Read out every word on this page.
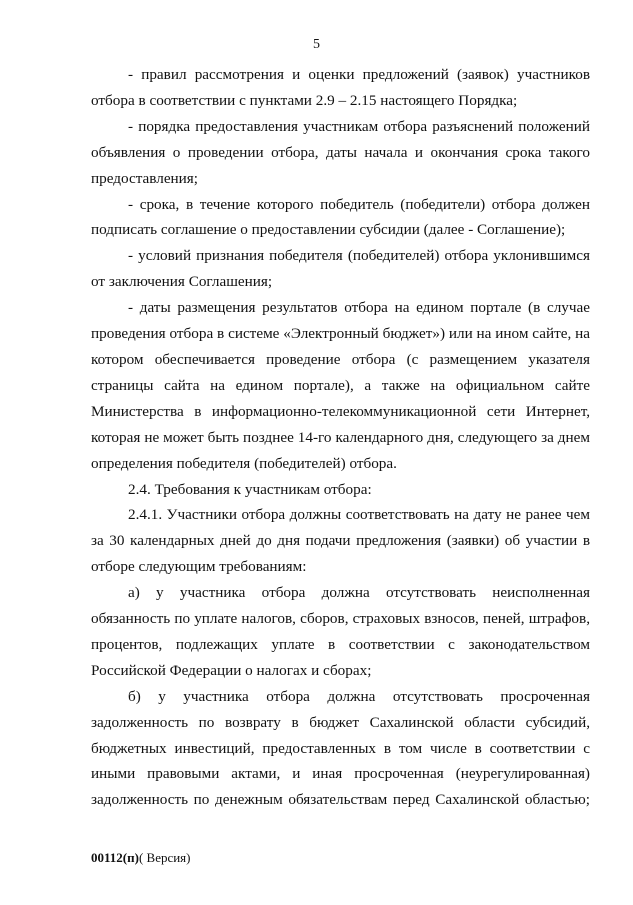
5

- правил рассмотрения и оценки предложений (заявок) участников отбора в соответствии с пунктами 2.9 – 2.15 настоящего Порядка;

- порядка предоставления участникам отбора разъяснений положений объявления о проведении отбора, даты начала и окончания срока такого предоставления;

- срока, в течение которого победитель (победители) отбора должен подписать соглашение о предоставлении субсидии (далее - Соглашение);

- условий признания победителя (победителей) отбора уклонившимся от заключения Соглашения;

- даты размещения результатов отбора на едином портале (в случае проведения отбора в системе «Электронный бюджет») или на ином сайте, на котором обеспечивается проведение отбора (с размещением указателя страницы сайта на едином портале), а также на официальном сайте Министерства в информационно-телекоммуникационной сети Интернет, которая не может быть позднее 14-го календарного дня, следующего за днем определения победителя (победителей) отбора.

2.4. Требования к участникам отбора:

2.4.1. Участники отбора должны соответствовать на дату не ранее чем за 30 календарных дней до дня подачи предложения (заявки) об участии в отборе следующим требованиям:

а) у участника отбора должна отсутствовать неисполненная обязанность по уплате налогов, сборов, страховых взносов, пеней, штрафов, процентов, подлежащих уплате в соответствии с законодательством Российской Федерации о налогах и сборах;

б) у участника отбора должна отсутствовать просроченная задолженность по возврату в бюджет Сахалинской области субсидий, бюджетных инвестиций, предоставленных в том числе в соответствии с иными правовыми актами, и иная просроченная (неурегулированная) задолженность по денежным обязательствам перед Сахалинской областью;

00112(п)( Версия)
